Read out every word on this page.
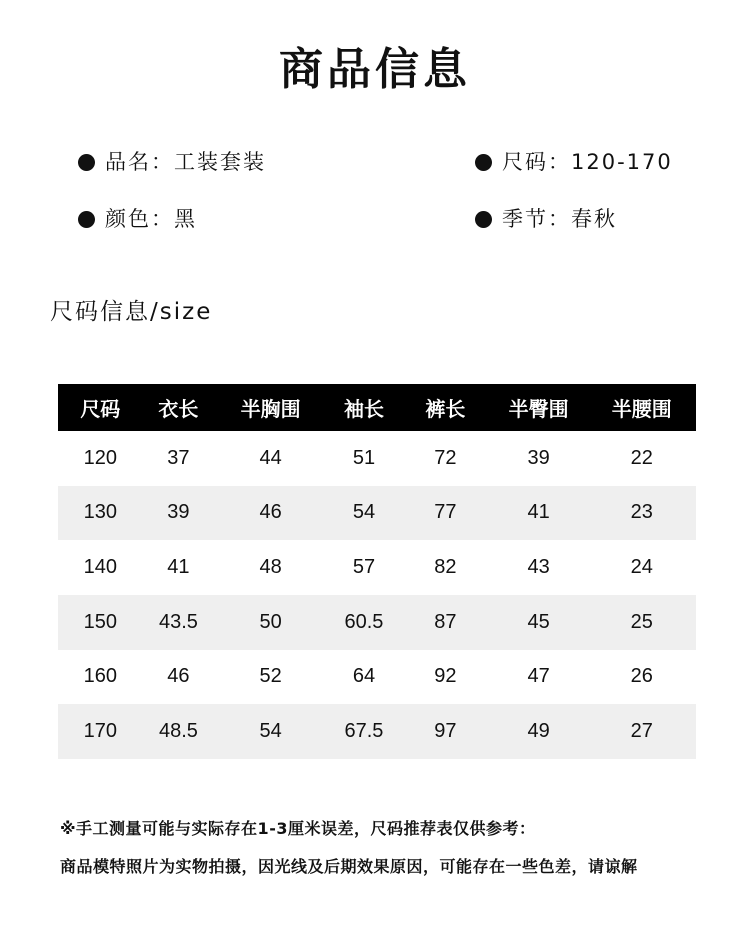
商品信息
品名： 工装套装	尺码： 120-170
颜色： 黑	季节： 春秋
尺码信息/size
尺码	衣长	半胸围	袖长	裤长	半臀围	半腰围
120	37	44	51	72	39	22
130	39	46	54	77	41	23
140	41	48	57	82	43	24
150	43.5	50	60.5	87	45	25
160	46	52	64	92	47	26
170	48.5	54	67.5	97	49	27
※手工测量可能与实际存在1-3厘米误差，尺码推荐表仅供参考：
商品模特照片为实物拍摄，因光线及后期效果原因，可能存在一些色差，请谅解
